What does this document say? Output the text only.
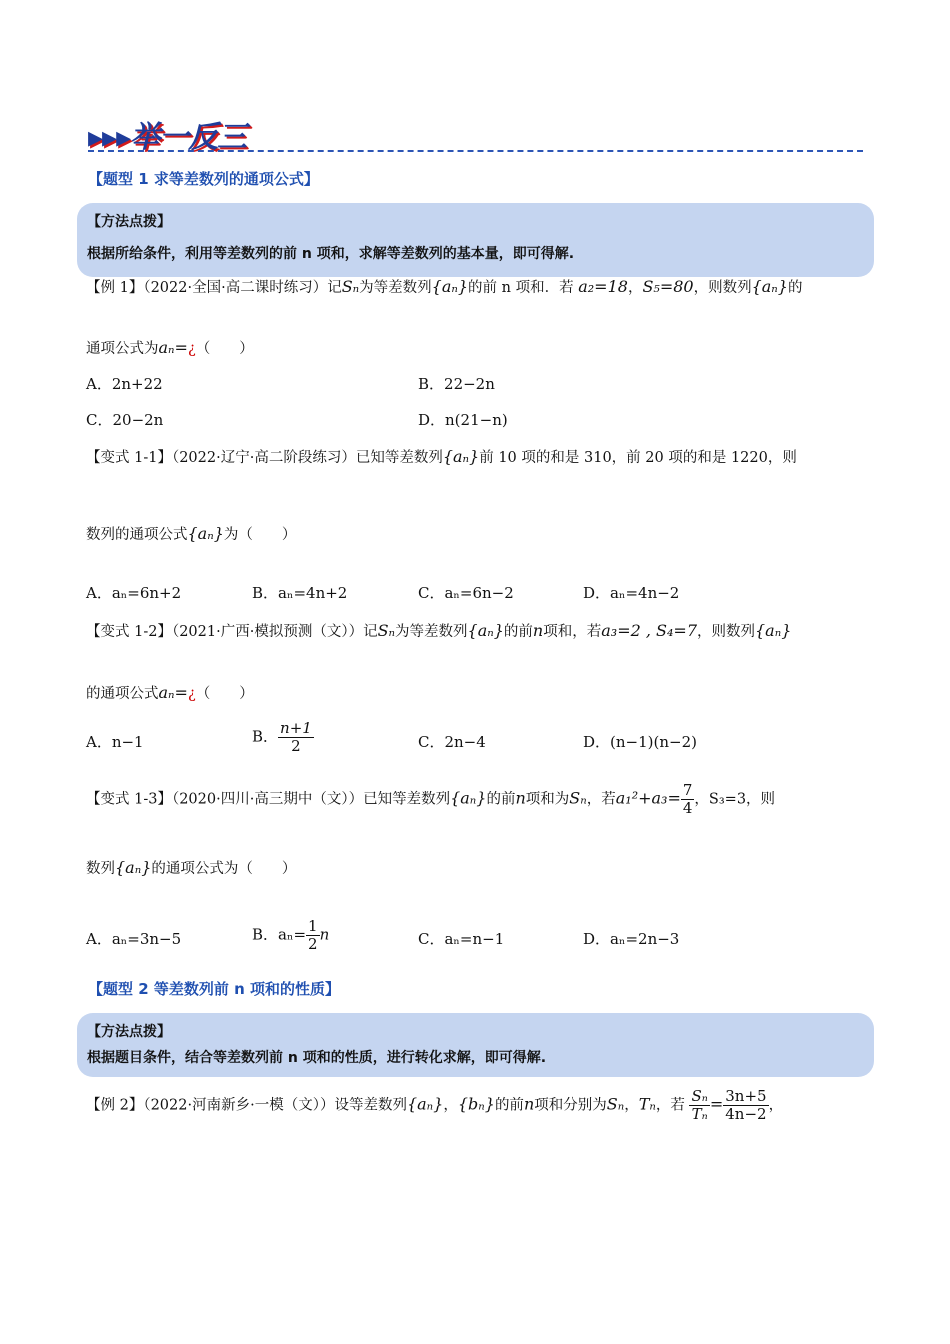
▸▸▸举一反三
【题型 1 求等差数列的通项公式】
【方法点拨】
根据所给条件，利用等差数列的前 n 项和，求解等差数列的基本量，即可得解.
【例 1】（2022·全国·高二课时练习）记Sₙ为等差数列{aₙ}的前 n 项和．若 a₂=18，S₅=80，则数列{aₙ}的
通项公式为aₙ=¿（　　）
A．2n+22	B．22−2n
C．20−2n	D．n(21−n)
【变式 1-1】（2022·辽宁·高二阶段练习）已知等差数列{aₙ}前 10 项的和是 310，前 20 项的和是 1220，则
数列的通项公式{aₙ}为（　　）
A．aₙ=6n+2	B．aₙ=4n+2	C．aₙ=6n−2	D．aₙ=4n−2
【变式 1-2】（2021·广西·模拟预测（文））记Sₙ为等差数列{aₙ}的前n项和，若a₃=2 , S₄=7，则数列{aₙ}
的通项公式aₙ=¿（　　）
A．n−1	B． $\frac{n+1}{2}$	C．2n−4	D．(n−1)(n−2)
【变式 1-3】（2020·四川·高三期中（文））已知等差数列{aₙ}的前n项和为Sₙ，若$a_1^2+a_3= \frac{7}{4}$ ，S₃=3，则
数列{aₙ}的通项公式为（　　）
A．aₙ=3n−5	B．$a_n= \frac{1}{2}$ n	C．aₙ=n−1	D．aₙ=2n−3
【题型 2 等差数列前 n 项和的性质】
【方法点拨】
根据题目条件，结合等差数列前 n 项和的性质，进行转化求解，即可得解.
【例 2】（2022·河南新乡·一模（文））设等差数列{aₙ}，{bₙ}的前n项和分别为Sₙ，Tₙ，若 $\frac{\text{Sₙ}}{\text{Tₙ}} = \frac{3n+5}{4n-2}$ ，
